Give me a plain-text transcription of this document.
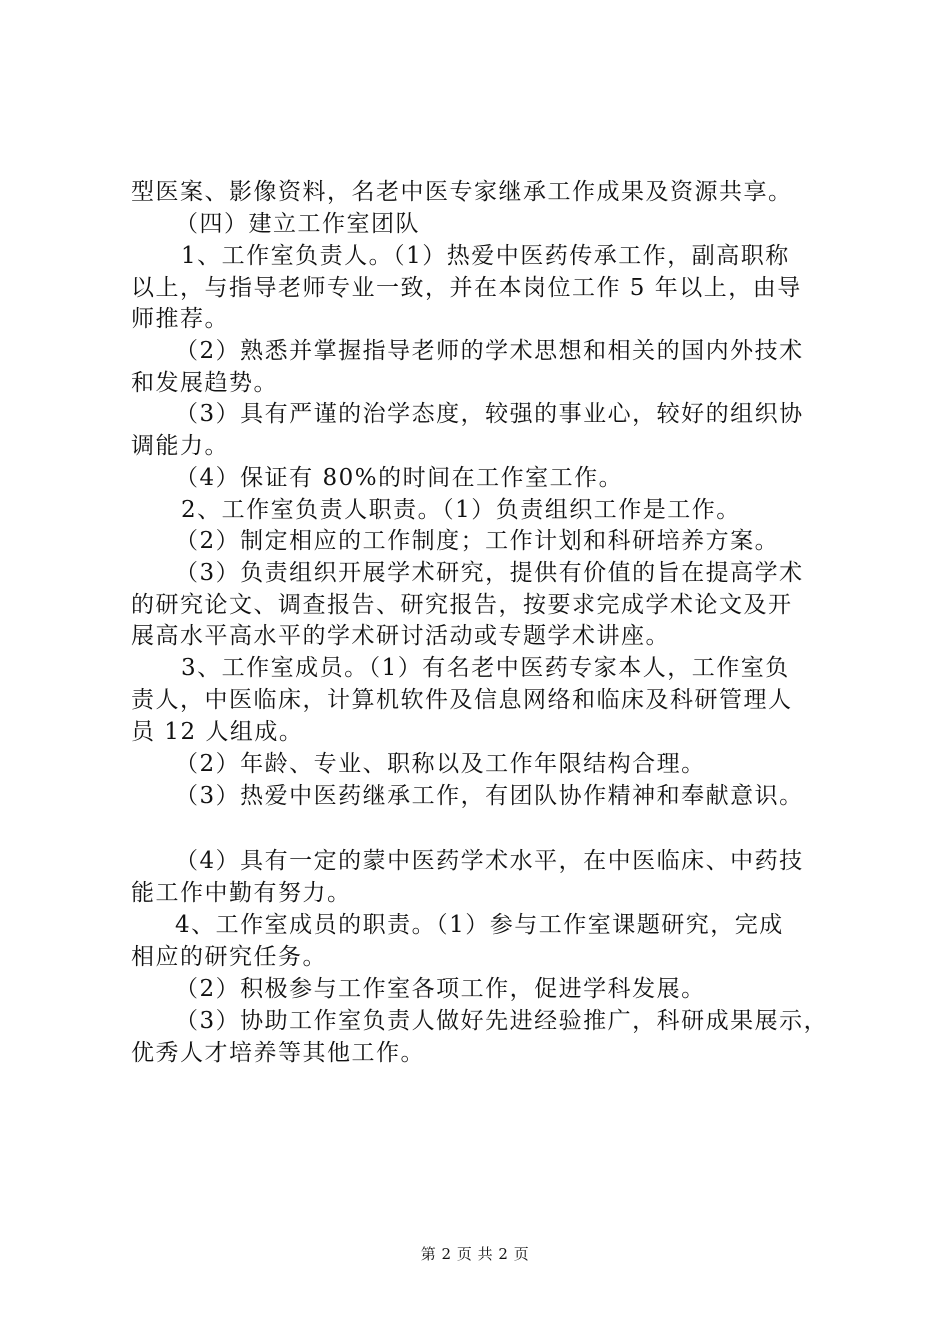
型医案、影像资料，名老中医专家继承工作成果及资源共享。
（四）建立工作室团队
1、工作室负责人。（1）热爱中医药传承工作，副高职称
以上，与指导老师专业一致，并在本岗位工作 5 年以上，由导
师推荐。
（2）熟悉并掌握指导老师的学术思想和相关的国内外技术
和发展趋势。
（3）具有严谨的治学态度，较强的事业心，较好的组织协
调能力。
（4）保证有 80%的时间在工作室工作。
2、工作室负责人职责。（1）负责组织工作是工作。
（2）制定相应的工作制度；工作计划和科研培养方案。
（3）负责组织开展学术研究，提供有价值的旨在提高学术
的研究论文、调查报告、研究报告，按要求完成学术论文及开
展高水平高水平的学术研讨活动或专题学术讲座。
3、工作室成员。（1）有名老中医药专家本人，工作室负
责人，中医临床，计算机软件及信息网络和临床及科研管理人
员 12 人组成。
（2）年龄、专业、职称以及工作年限结构合理。
（3）热爱中医药继承工作，有团队协作精神和奉献意识。
（4）具有一定的蒙中医药学术水平，在中医临床、中药技
能工作中勤有努力。
4、工作室成员的职责。（1）参与工作室课题研究，完成
相应的研究任务。
（2）积极参与工作室各项工作，促进学科发展。
（3）协助工作室负责人做好先进经验推广，科研成果展示，
优秀人才培养等其他工作。
第 2 页 共 2 页
